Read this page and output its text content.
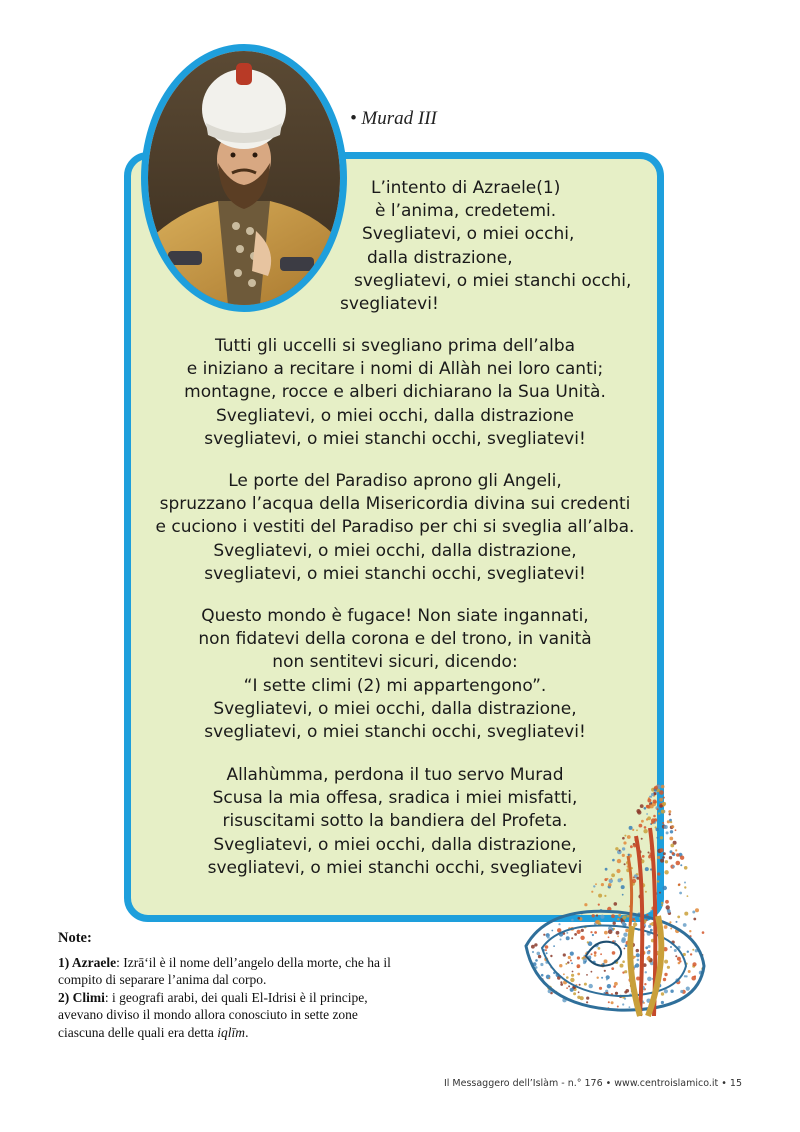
• Murad III
L’intento di Azraele(1)
è l’anima, credetemi.
Svegliatevi, o miei occhi,
dalla distrazione,
svegliatevi, o miei stanchi occhi,
svegliatevi!
Tutti gli uccelli si svegliano prima dell’alba
e iniziano a recitare i nomi di Allàh nei loro canti;
montagne, rocce e alberi dichiarano la Sua Unità.
Svegliatevi, o miei occhi, dalla distrazione
svegliatevi, o miei stanchi occhi, svegliatevi!
Le porte del Paradiso aprono gli Angeli,
spruzzano l’acqua della Misericordia divina sui credenti
e cuciono i vestiti del Paradiso per chi si sveglia all’alba.
Svegliatevi, o miei occhi, dalla distrazione,
svegliatevi, o miei stanchi occhi, svegliatevi!
Questo mondo è fugace! Non siate ingannati,
non fidatevi della corona e del trono, in vanità
non sentitevi sicuri, dicendo:
“I sette climi (2) mi appartengono”.
Svegliatevi, o miei occhi, dalla distrazione,
svegliatevi, o miei stanchi occhi, svegliatevi!
Allahùmma, perdona il tuo servo Murad
Scusa la mia offesa, sradica i miei misfatti,
risuscitami sotto la bandiera del Profeta.
Svegliatevi, o miei occhi, dalla distrazione,
svegliatevi, o miei stanchi occhi, svegliatevi
Note:
1) Azraele: Izrā‘il è il nome dell’angelo della morte, che ha il compito di separare l’anima dal corpo.
2) Climi: i geografi arabi, dei quali El-Idrisi è il principe, avevano diviso il mondo allora conosciuto in sette zone ciascuna delle quali era detta iqlīm.
Il Messaggero dell’Islàm - n.° 176 • www.centroislamico.it • 15
